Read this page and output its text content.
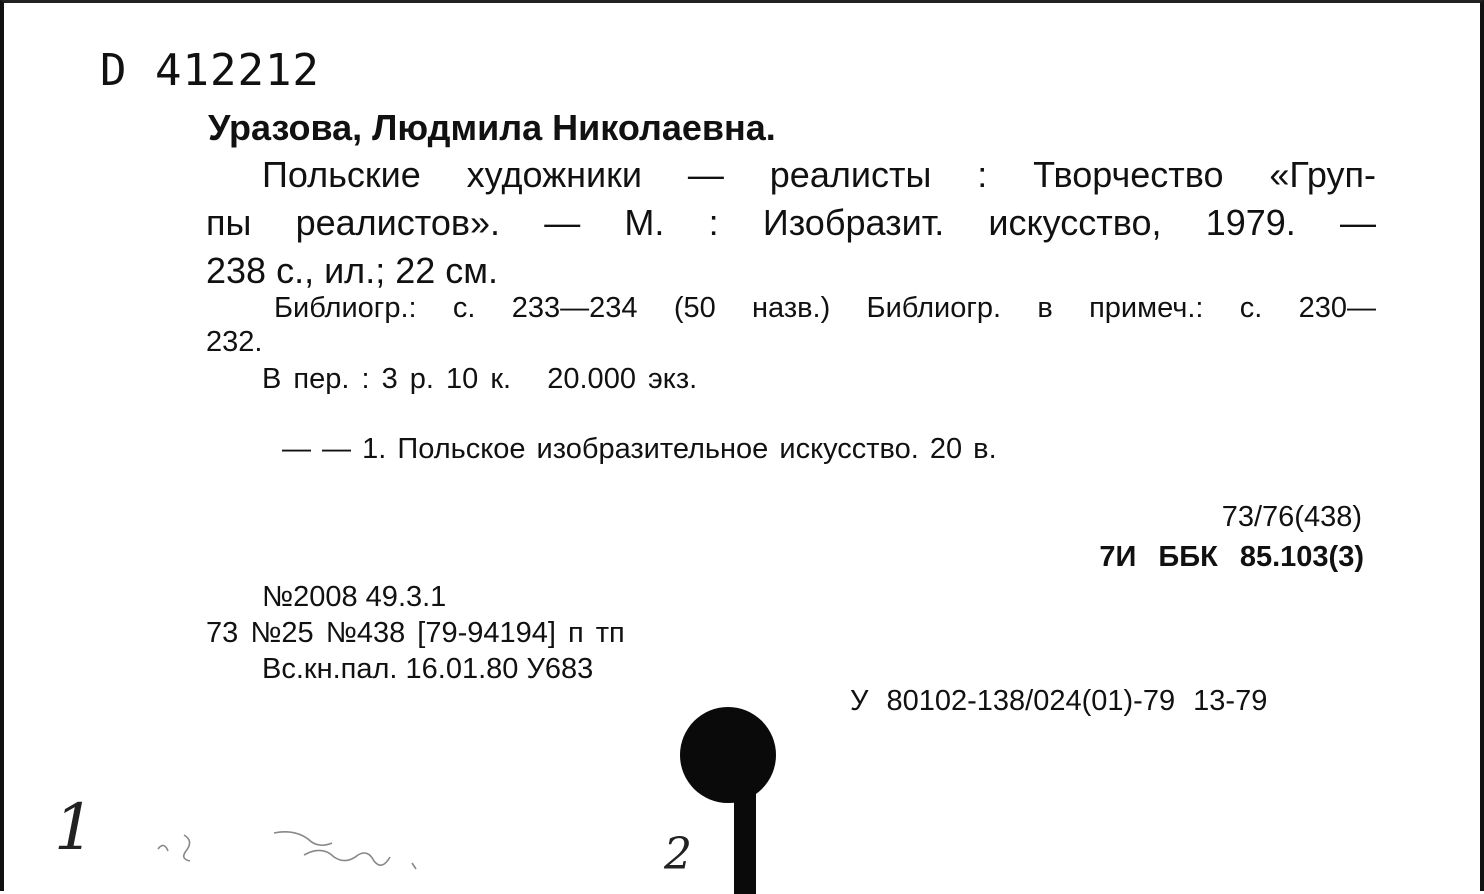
D 412212
Уразова, Людмила Николаевна.
Польские художники — реалисты : Творчество «Груп-
пы реалистов». — М. : Изобразит. искусство, 1979. —
238 с., ил.; 22 см.
Библиогр.: с. 233—234 (50 назв.) Библиогр. в примеч.: с. 230—
232.
В пер. : 3 р. 10 к.   20.000 экз.
— — 1. Польское изобразительное искусство. 20 в.
73/76(438)
7И ББК 85.103(3)
№2008 49.3.1
73 №25 №438 [79-94194] п тп
Вс.кн.пал. 16.01.80 У683
У 80102-138/024(01)-79 13-79
1	2
